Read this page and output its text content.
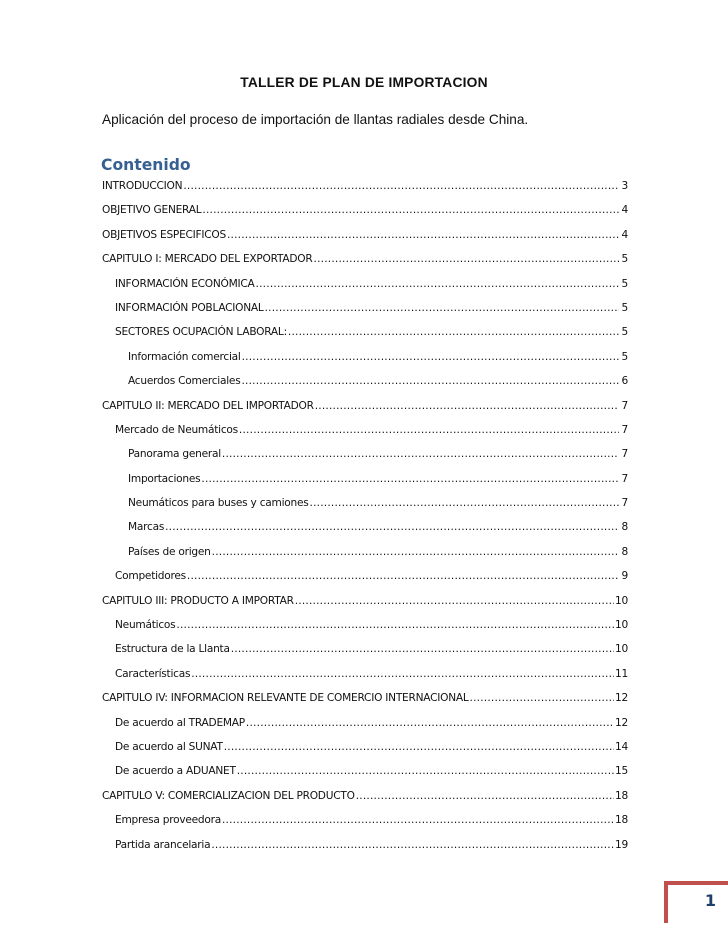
TALLER DE PLAN DE IMPORTACION
Aplicación del proceso de importación de llantas radiales desde China.
Contenido
INTRODUCCION .....	3
OBJETIVO GENERAL .....	4
OBJETIVOS ESPECIFICOS .....	4
CAPITULO I: MERCADO DEL EXPORTADOR .....	5
INFORMACIÓN ECONÓMICA .....	5
INFORMACIÓN POBLACIONAL .....	5
SECTORES OCUPACIÓN LABORAL: .....	5
Información comercial .....	5
Acuerdos Comerciales .....	6
CAPITULO II: MERCADO DEL IMPORTADOR .....	7
Mercado de Neumáticos .....	7
Panorama general .....	7
Importaciones .....	7
Neumáticos para buses y camiones .....	7
Marcas .....	8
Países de origen .....	8
Competidores .....	9
CAPITULO III: PRODUCTO A IMPORTAR .....	10
Neumáticos .....	10
Estructura de la Llanta .....	10
Características .....	11
CAPITULO IV: INFORMACION RELEVANTE DE COMERCIO INTERNACIONAL .....	12
De acuerdo al TRADEMAP .....	12
De acuerdo al SUNAT .....	14
De acuerdo a ADUANET .....	15
CAPITULO V: COMERCIALIZACION DEL PRODUCTO .....	18
Empresa proveedora .....	18
Partida arancelaria .....	19
1
